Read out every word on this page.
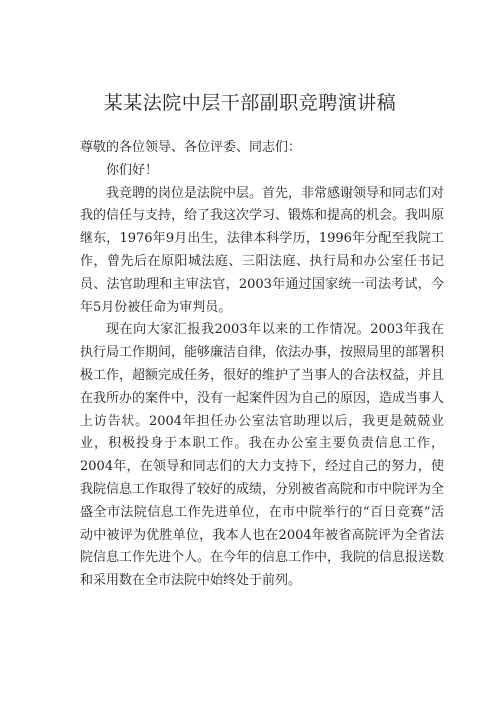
某某法院中层干部副职竞聘演讲稿

尊敬的各位领导、各位评委、同志们：

你们好！

我竞聘的岗位是法院中层。首先，非常感谢领导和同志们对我的信任与支持，给了我这次学习、锻炼和提高的机会。我叫原继东，1976年9月出生，法律本科学历，1996年分配至我院工作，曾先后在原阳城法庭、三阳法庭、执行局和办公室任书记员、法官助理和主审法官，2003年通过国家统一司法考试，今年5月份被任命为审判员。

现在向大家汇报我2003年以来的工作情况。2003年我在执行局工作期间，能够廉洁自律，依法办事，按照局里的部署积极工作，超额完成任务，很好的维护了当事人的合法权益，并且在我所办的案件中，没有一起案件因为自己的原因，造成当事人上访告状。2004年担任办公室法官助理以后，我更是兢兢业业，积极投身于本职工作。我在办公室主要负责信息工作，2004年，在领导和同志们的大力支持下，经过自己的努力，使我院信息工作取得了较好的成绩，分别被省高院和市中院评为全盛全市法院信息工作先进单位，在市中院举行的“百日竞赛”活动中被评为优胜单位，我本人也在2004年被省高院评为全省法院信息工作先进个人。在今年的信息工作中，我院的信息报送数和采用数在全市法院中始终处于前列。
